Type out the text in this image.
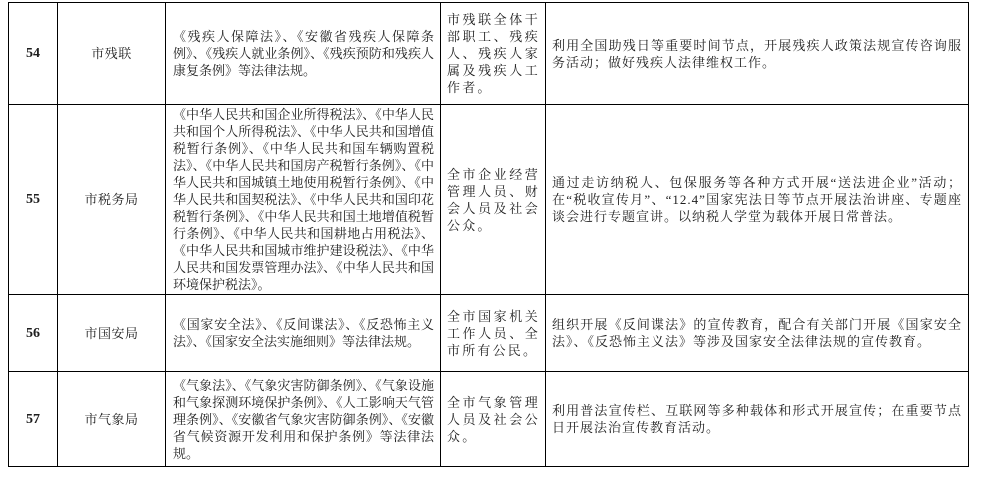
54	市残联	《残疾人保障法》、《安徽省残疾人保障条例》、《残疾人就业条例》、《残疾预防和残疾人康复条例》等法律法规。	市残联全体干部职工、残疾人、残疾人家属及残疾人工作者。	利用全国助残日等重要时间节点，开展残疾人政策法规宣传咨询服务活动；做好残疾人法律维权工作。
55	市税务局	《中华人民共和国企业所得税法》、《中华人民共和国个人所得税法》、《中华人民共和国增值税暂行条例》、《中华人民共和国车辆购置税法》、《中华人民共和国房产税暂行条例》、《中华人民共和国城镇土地使用税暂行条例》、《中华人民共和国契税法》、《中华人民共和国印花税暂行条例》、《中华人民共和国土地增值税暂行条例》、《中华人民共和国耕地占用税法》、《中华人民共和国城市维护建设税法》、《中华人民共和国发票管理办法》、《中华人民共和国环境保护税法》。	全市企业经营管理人员、财会人员及社会公众。	通过走访纳税人、包保服务等各种方式开展“送法进企业”活动；在“税收宣传月”、“12.4”国家宪法日等节点开展法治讲座、专题座谈会进行专题宣讲。以纳税人学堂为载体开展日常普法。
56	市国安局	《国家安全法》、《反间谍法》、《反恐怖主义法》、《国家安全法实施细则》等法律法规。	全市国家机关工作人员、全市所有公民。	组织开展《反间谍法》的宣传教育，配合有关部门开展《国家安全法》、《反恐怖主义法》等涉及国家安全法律法规的宣传教育。
57	市气象局	《气象法》、《气象灾害防御条例》、《气象设施和气象探测环境保护条例》、《人工影响天气管理条例》、《安徽省气象灾害防御条例》、《安徽省气候资源开发利用和保护条例》等法律法规。	全市气象管理人员及社会公众。	利用普法宣传栏、互联网等多种载体和形式开展宣传；在重要节点日开展法治宣传教育活动。
